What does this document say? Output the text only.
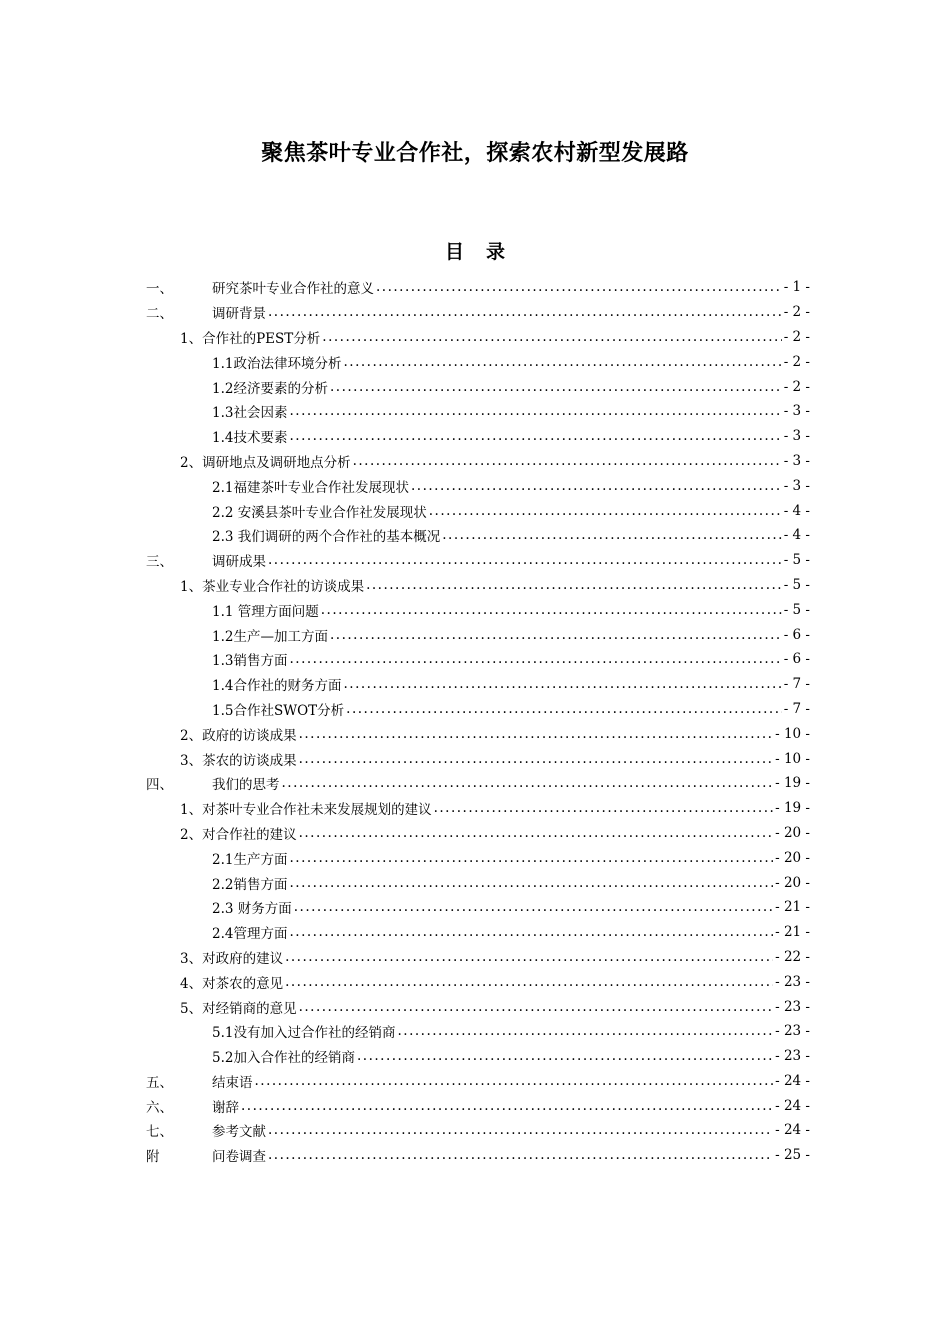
聚焦茶叶专业合作社，探索农村新型发展路
目录
一、	研究茶叶专业合作社的意义 .....	- 1 -
二、	调研背景 .....	- 2 -
1、合作社的PEST分析 .....	- 2 -
1.1政治法律环境分析 .....	- 2 -
1.2经济要素的分析 .....	- 2 -
1.3社会因素 .....	- 3 -
1.4技术要素 .....	- 3 -
2、调研地点及调研地点分析 .....	- 3 -
2.1福建茶叶专业合作社发展现状 .....	- 3 -
2.2 安溪县茶叶专业合作社发展现状 .....	- 4 -
2.3 我们调研的两个合作社的基本概况 .....	- 4 -
三、	调研成果 .....	- 5 -
1、茶业专业合作社的访谈成果 .....	- 5 -
1.1 管理方面问题 .....	- 5 -
1.2生产—加工方面 .....	- 6 -
1.3销售方面 .....	- 6 -
1.4合作社的财务方面 .....	- 7 -
1.5合作社SWOT分析 .....	- 7 -
2、政府的访谈成果 .....	- 10 -
3、茶农的访谈成果 .....	- 10 -
四、	我们的思考 .....	- 19 -
1、对茶叶专业合作社未来发展规划的建议 .....	- 19 -
2、对合作社的建议 .....	- 20 -
2.1生产方面 .....	- 20 -
2.2销售方面 .....	- 20 -
2.3 财务方面 .....	- 21 -
2.4管理方面 .....	- 21 -
3、对政府的建议 .....	- 22 -
4、对茶农的意见 .....	- 23 -
5、对经销商的意见 .....	- 23 -
5.1没有加入过合作社的经销商 .....	- 23 -
5.2加入合作社的经销商 .....	- 23 -
五、	结束语 .....	- 24 -
六、	谢辞 .....	- 24 -
七、	参考文献 .....	- 24 -
附	问卷调查 .....	- 25 -
